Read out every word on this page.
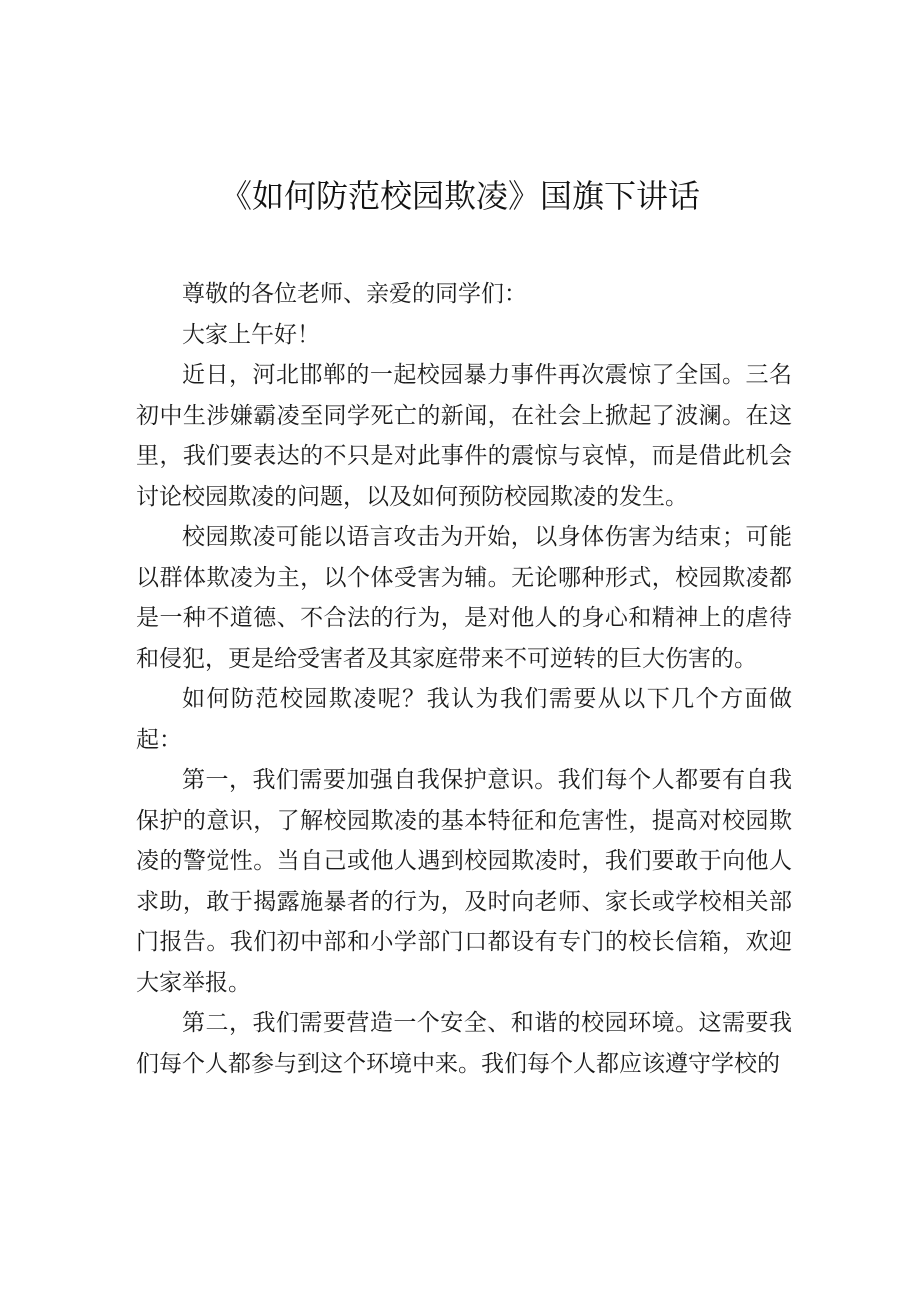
《如何防范校园欺凌》国旗下讲话

尊敬的各位老师、亲爱的同学们：

大家上午好！

近日，河北邯郸的一起校园暴力事件再次震惊了全国。三名初中生涉嫌霸凌至同学死亡的新闻，在社会上掀起了波澜。在这里，我们要表达的不只是对此事件的震惊与哀悼，而是借此机会讨论校园欺凌的问题，以及如何预防校园欺凌的发生。

校园欺凌可能以语言攻击为开始，以身体伤害为结束；可能以群体欺凌为主，以个体受害为辅。无论哪种形式，校园欺凌都是一种不道德、不合法的行为，是对他人的身心和精神上的虐待和侵犯，更是给受害者及其家庭带来不可逆转的巨大伤害的。

如何防范校园欺凌呢？我认为我们需要从以下几个方面做起：

第一，我们需要加强自我保护意识。我们每个人都要有自我保护的意识，了解校园欺凌的基本特征和危害性，提高对校园欺凌的警觉性。当自己或他人遇到校园欺凌时，我们要敢于向他人求助，敢于揭露施暴者的行为，及时向老师、家长或学校相关部门报告。我们初中部和小学部门口都设有专门的校长信箱，欢迎大家举报。

第二，我们需要营造一个安全、和谐的校园环境。这需要我们每个人都参与到这个环境中来。我们每个人都应该遵守学校的
